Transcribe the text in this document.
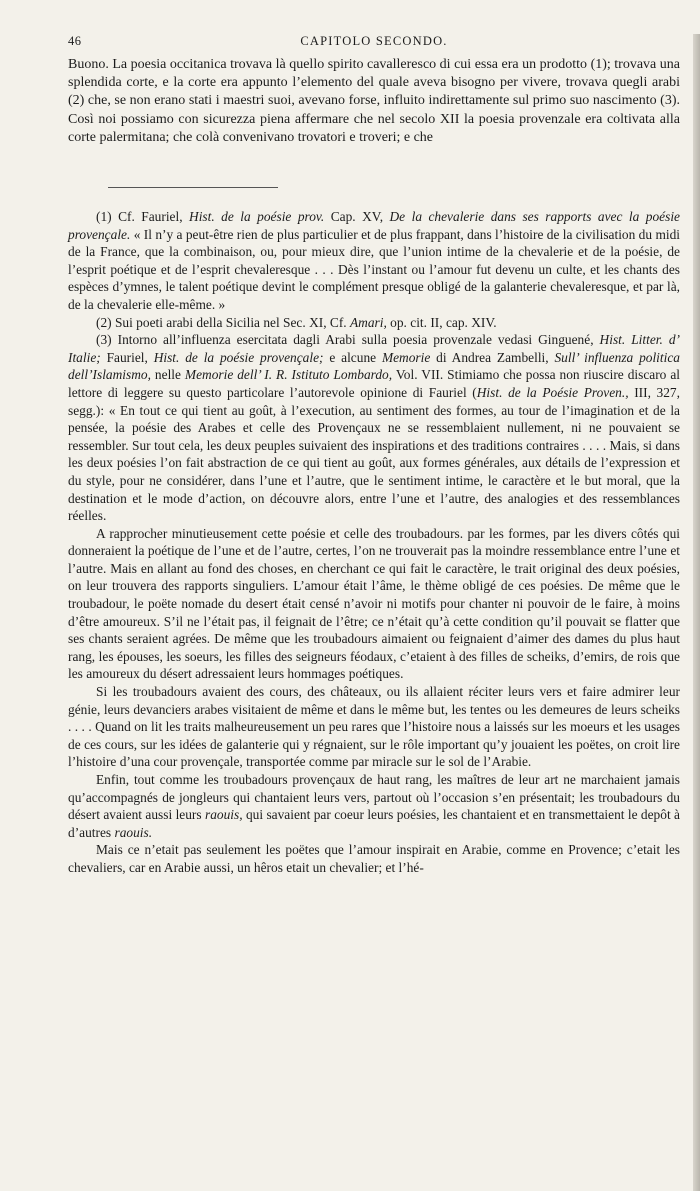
46	CAPITOLO SECONDO.

Buono. La poesia occitanica trovava là quello spirito cavalleresco di cui essa era un prodotto (1); trovava una splendida corte, e la corte era appunto l’elemento del quale aveva bisogno per vivere, trovava quegli arabi (2) che, se non erano stati i maestri suoi, avevano forse, influito indirettamente sul primo suo nascimento (3). Così noi possiamo con sicurezza piena affermare che nel secolo XII la poesia provenzale era coltivata alla corte palermitana; che colà convenivano trovatori e troveri; e che

(1) Cf. Fauriel, Hist. de la poésie prov. Cap. XV, De la chevalerie dans ses rapports avec la poésie provençale. « Il n’y a peut-être rien de plus particulier et de plus frappant, dans l’histoire de la civilisation du midi de la France, que la combinaison, ou, pour mieux dire, que l’union intime de la chevalerie et de la poésie, de l’esprit poétique et de l’esprit chevaleresque . . . Dès l’instant ou l’amour fut devenu un culte, et les chants des espèces d’ymnes, le talent poétique devint le complément presque obligé de la galanterie chevaleresque, et par là, de la chevalerie elle-même. »

(2) Sui poeti arabi della Sicilia nel Sec. XI, Cf. Amari, op. cit. II, cap. XIV.

(3) Intorno all’influenza esercitata dagli Arabi sulla poesia provenzale vedasi Ginguené, Hist. Litter. d’ Italie; Fauriel, Hist. de la poésie provençale; e alcune Memorie di Andrea Zambelli, Sull’ influenza politica dell’Islamismo, nelle Memorie dell’ I. R. Istituto Lombardo, Vol. VII. Stimiamo che possa non riuscire discaro al lettore di leggere su questo particolare l’autorevole opinione di Fauriel (Hist. de la Poésie Proven., III, 327, segg.): « En tout ce qui tient au goût, à l’execution, au sentiment des formes, au tour de l’imagination et de la pensée, la poésie des Arabes et celle des Provençaux ne se ressemblaient nullement, ni ne pouvaient se ressembler. Sur tout cela, les deux peuples suivaient des inspirations et des traditions contraires . . . . Mais, si dans les deux poésies l’on fait abstraction de ce qui tient au goût, aux formes générales, aux détails de l’expression et du style, pour ne considérer, dans l’une et l’autre, que le sentiment intime, le caractère et le but moral, que la destination et le mode d’action, on découvre alors, entre l’une et l’autre, des analogies et des ressemblances réelles.

A rapprocher minutieusement cette poésie et celle des troubadours. par les formes, par les divers côtés qui donneraient la poétique de l’une et de l’autre, certes, l’on ne trouverait pas la moindre ressemblance entre l’une et l’autre. Mais en allant au fond des choses, en cherchant ce qui fait le caractère, le trait original des deux poésies, on leur trouvera des rapports singuliers. L’amour était l’âme, le thème obligé de ces poésies. De même que le troubadour, le poëte nomade du desert était censé n’avoir ni motifs pour chanter ni pouvoir de le faire, à moins d’être amoureux. S’il ne l’était pas, il feignait de l’être; ce n’était qu’à cette condition qu’il pouvait se flatter que ses chants seraient agrées. De même que les troubadours aimaient ou feignaient d’aimer des dames du plus haut rang, les épouses, les soeurs, les filles des seigneurs féodaux, c’etaient à des filles de scheiks, d’emirs, de rois que les amoureux du désert adressaient leurs hommages poétiques.

Si les troubadours avaient des cours, des châteaux, ou ils allaient réciter leurs vers et faire admirer leur génie, leurs devanciers arabes visitaient de même et dans le même but, les tentes ou les demeures de leurs scheiks . . . . Quand on lit les traits malheureusement un peu rares que l’histoire nous a laissés sur les moeurs et les usages de ces cours, sur les idées de galanterie qui y régnaient, sur le rôle important qu’y jouaient les poëtes, on croit lire l’histoire d’una cour provençale, transportée comme par miracle sur le sol de l’Arabie.

Enfin, tout comme les troubadours provençaux de haut rang, les maîtres de leur art ne marchaient jamais qu’accompagnés de jongleurs qui chantaient leurs vers, partout où l’occasion s’en présentait; les troubadours du désert avaient aussi leurs raouis, qui savaient par coeur leurs poésies, les chantaient et en transmettaient le depôt à d’autres raouis.

Mais ce n’etait pas seulement les poëtes que l’amour inspirait en Arabie, comme en Provence; c’etait les chevaliers, car en Arabie aussi, un hêros etait un chevalier; et l’hé-
